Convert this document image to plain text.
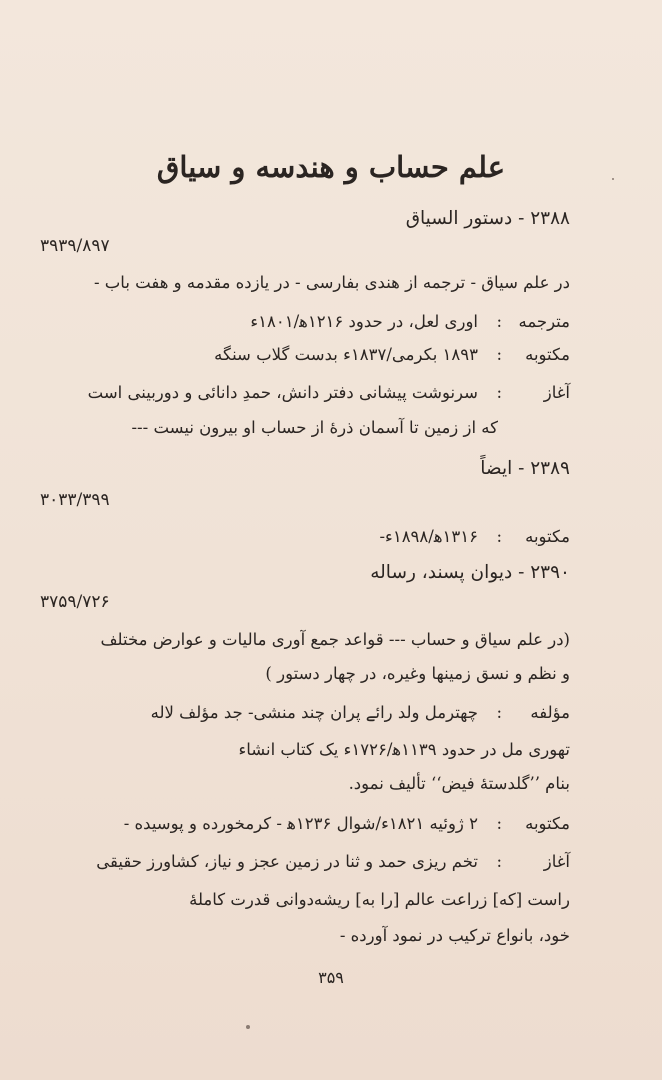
علم حساب و هندسه و سیاق
۲۳۸۸ - دستور السیاق
۳۹۳۹/۸۹۷
در علم سیاق - ترجمه از هندی بفارسی - در یازده مقدمه و هفت باب -
مترجمه
:
اوری لعل، در حدود ۱۲۱۶ﻫ/۱۸۰۱ء
مکتوبه
:
۱۸۹۳ بکرمی/۱۸۳۷ء بدست گلاب سنگه
آغاز
:
سرنوشت پیشانی دفتر دانش، حمدِ دانائی و دوربینی است
که از زمین تا آسمان ذرهٔ از حساب او بیرون نیست ---
۲۳۸۹ - ایضاً
۳۰۳۳/۳۹۹
مکتوبه
:
۱۳۱۶ﻫ/۱۸۹۸ء-
۲۳۹۰ - دیوان پسند، رساله
۳۷۵۹/۷۲۶
(در علم سیاق و حساب --- قواعد جمع آوری مالیات و عوارض مختلف
و نظم و نسق زمینها وغیره، در چهار دستور )
مؤلفه
:
چهترمل ولد رائے پران چند منشی- جد مؤلف لاله
تهوری مل در حدود ۱۱۳۹ﻫ/۱۷۲۶ء یک کتاب انشاء
بنام ’’گلدستهٔ فیض‘‘ تألیف نمود.
مکتوبه
:
۲ ژوئیه ۱۸۲۱ء/شوال ۱۲۳۶ﻫ - کرمخورده و پوسیده -
آغاز
:
تخم ریزی حمد و ثنا در زمین عجز و نیاز، کشاورز حقیقی
راست [که] زراعت عالم [را به] ریشه‌دوانی قدرت کاملهٔ
خود، بانواع ترکیب در نمود آورده -
۳۵۹
